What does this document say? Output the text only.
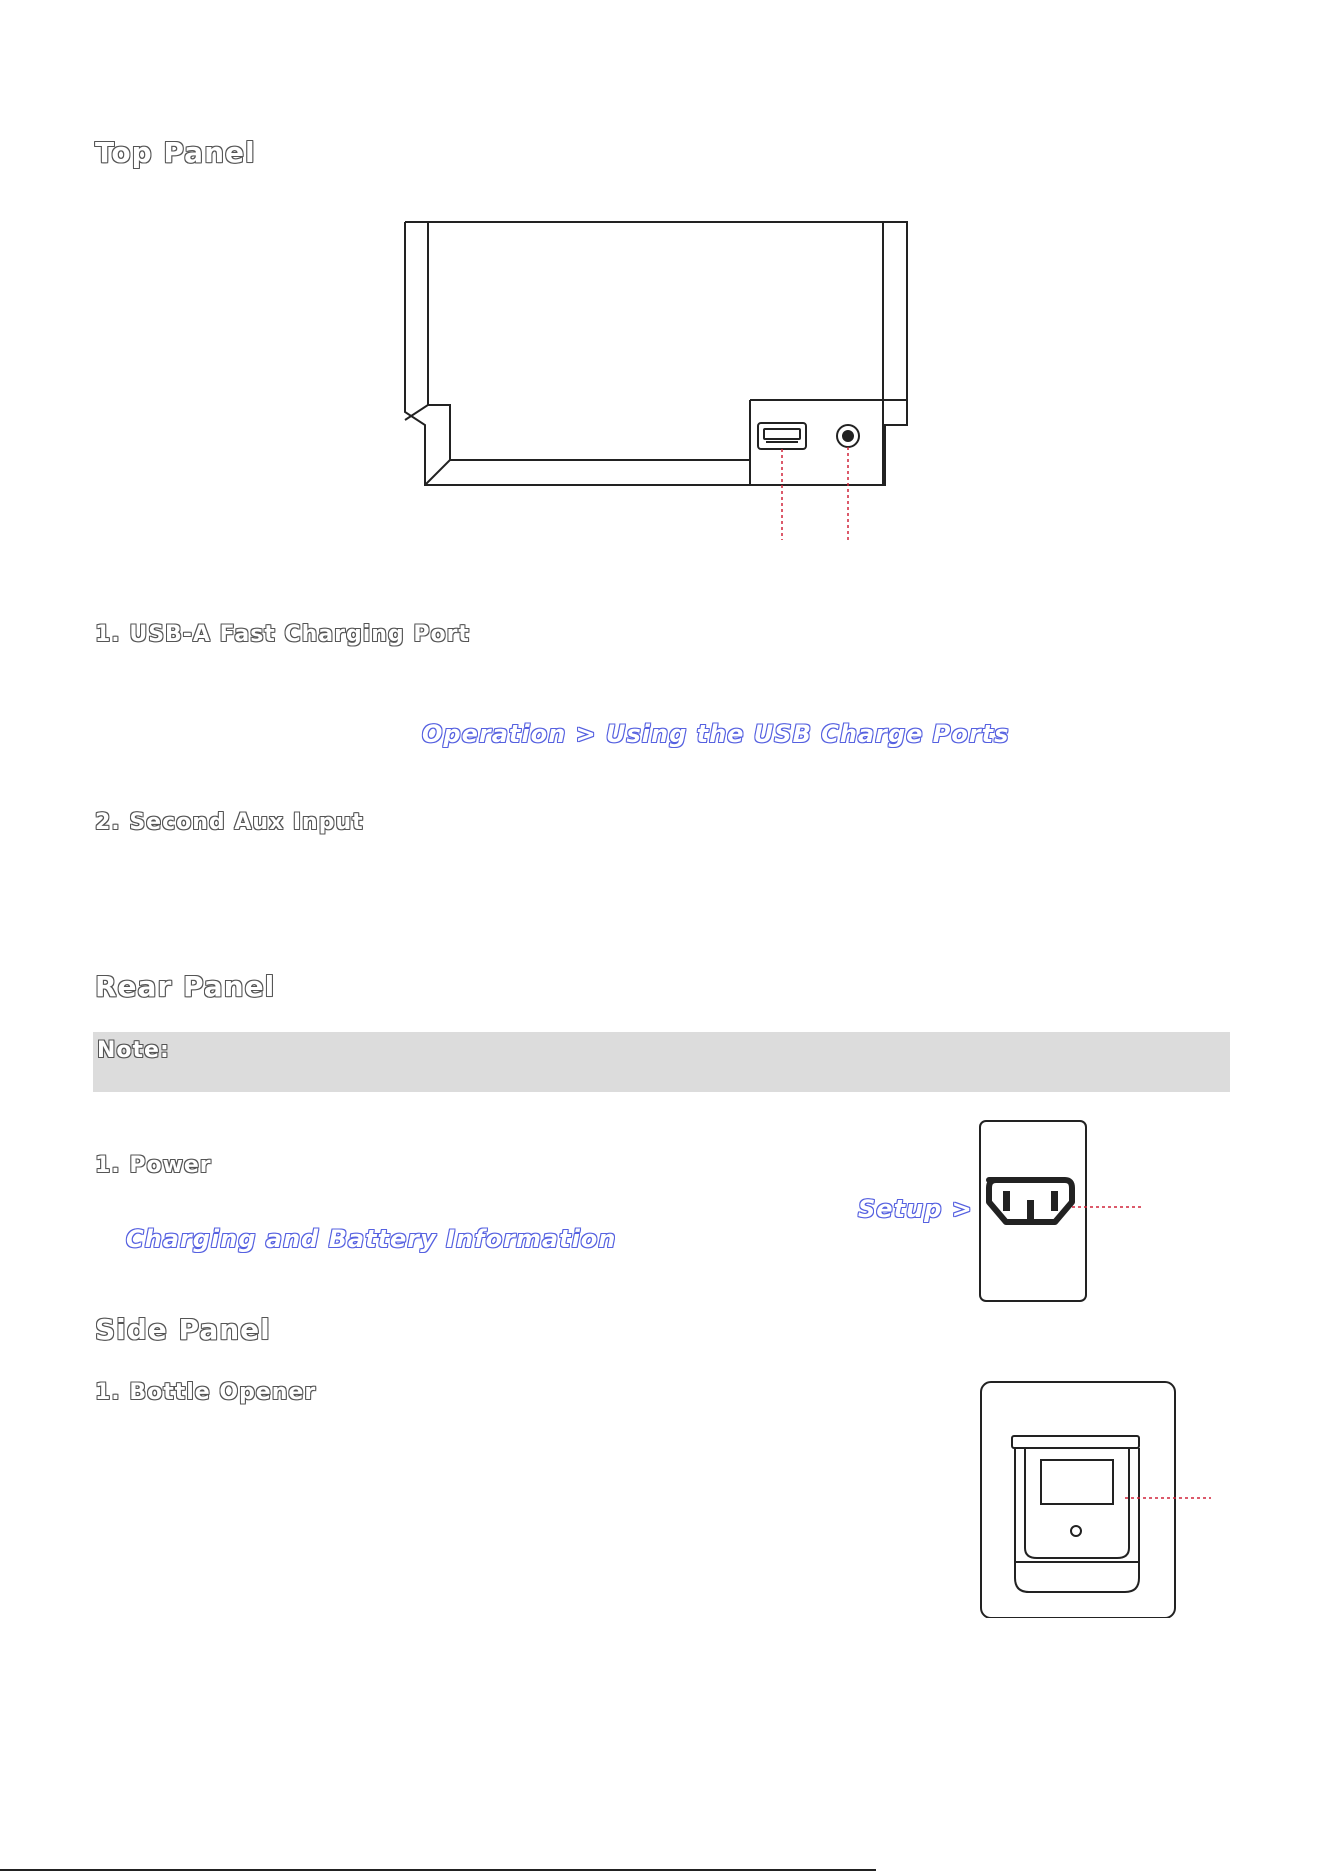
Top Panel
1. USB-A Fast Charging Port
Operation > Using the USB Charge Ports
2. Second Aux Input
Rear Panel
Note:
1. Power
Setup >
Charging and Battery Information
Side Panel
1. Bottle Opener
